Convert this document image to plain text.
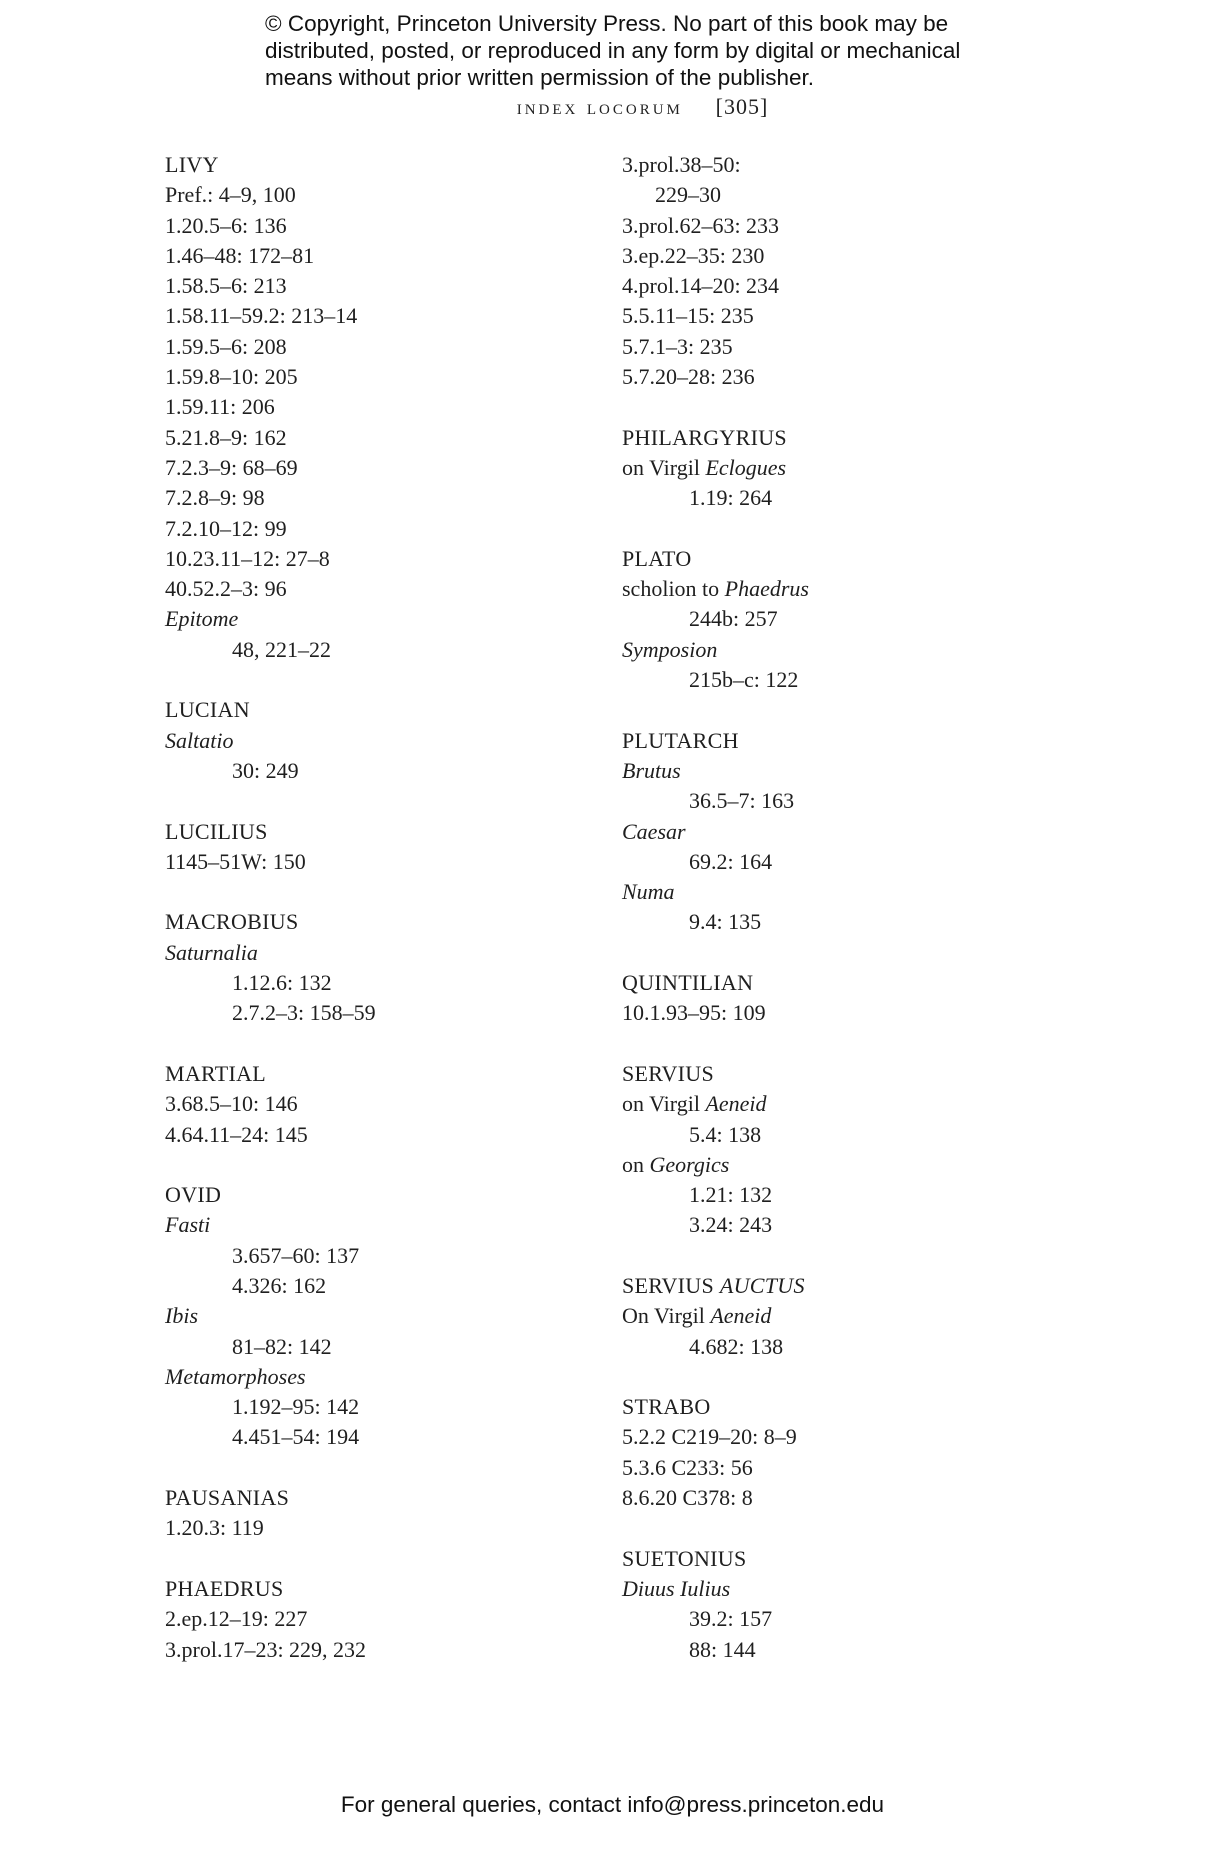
© Copyright, Princeton University Press. No part of this book may be distributed, posted, or reproduced in any form by digital or mechanical means without prior written permission of the publisher.
index locorum [305]
LIVY
Pref.: 4–9, 100
1.20.5–6: 136
1.46–48: 172–81
1.58.5–6: 213
1.58.11–59.2: 213–14
1.59.5–6: 208
1.59.8–10: 205
1.59.11: 206
5.21.8–9: 162
7.2.3–9: 68–69
7.2.8–9: 98
7.2.10–12: 99
10.23.11–12: 27–8
40.52.2–3: 96
Epitome
48, 221–22
LUCIAN
Saltatio
30: 249
LUCILIUS
1145–51W: 150
MACROBIUS
Saturnalia
1.12.6: 132
2.7.2–3: 158–59
MARTIAL
3.68.5–10: 146
4.64.11–24: 145
OVID
Fasti
3.657–60: 137
4.326: 162
Ibis
81–82: 142
Metamorphoses
1.192–95: 142
4.451–54: 194
PAUSANIAS
1.20.3: 119
PHAEDRUS
2.ep.12–19: 227
3.prol.17–23: 229, 232
3.prol.38–50:
229–30
3.prol.62–63: 233
3.ep.22–35: 230
4.prol.14–20: 234
5.5.11–15: 235
5.7.1–3: 235
5.7.20–28: 236
PHILARGYRIUS
on Virgil Eclogues
1.19: 264
PLATO
scholion to Phaedrus
244b: 257
Symposion
215b–c: 122
PLUTARCH
Brutus
36.5–7: 163
Caesar
69.2: 164
Numa
9.4: 135
QUINTILIAN
10.1.93–95: 109
SERVIUS
on Virgil Aeneid
5.4: 138
on Georgics
1.21: 132
3.24: 243
SERVIUS AUCTUS
On Virgil Aeneid
4.682: 138
STRABO
5.2.2 C219–20: 8–9
5.3.6 C233: 56
8.6.20 C378: 8
SUETONIUS
Diuus Iulius
39.2: 157
88: 144
For general queries, contact info@press.princeton.edu
